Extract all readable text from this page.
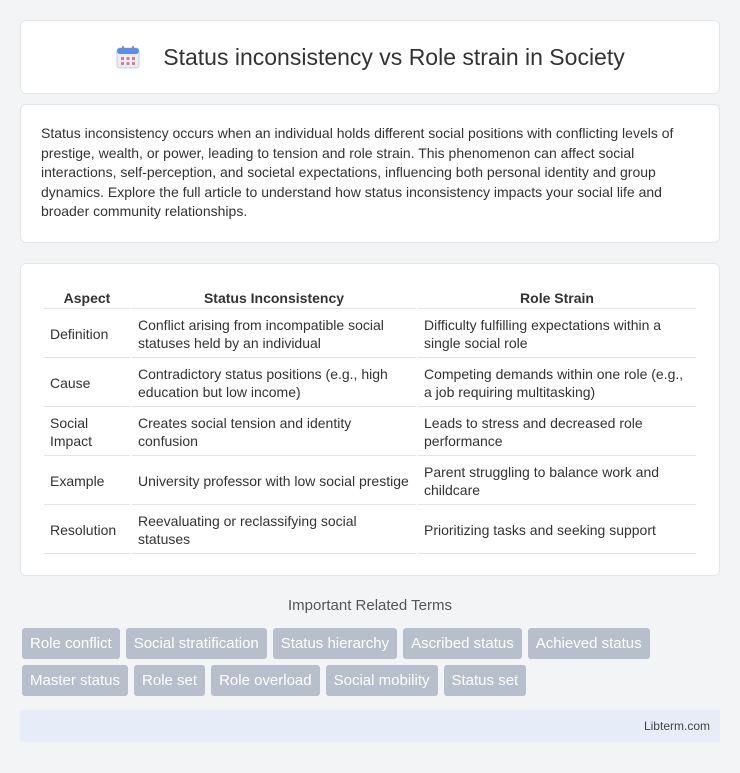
Status inconsistency vs Role strain in Society

Status inconsistency occurs when an individual holds different social positions with conflicting levels of prestige, wealth, or power, leading to tension and role strain. This phenomenon can affect social interactions, self-perception, and societal expectations, influencing both personal identity and group dynamics. Explore the full article to understand how status inconsistency impacts your social life and broader community relationships.

Aspect	Status Inconsistency	Role Strain
Definition	Conflict arising from incompatible social statuses held by an individual	Difficulty fulfilling expectations within a single social role
Cause	Contradictory status positions (e.g., high education but low income)	Competing demands within one role (e.g., a job requiring multitasking)
Social Impact	Creates social tension and identity confusion	Leads to stress and decreased role performance
Example	University professor with low social prestige	Parent struggling to balance work and childcare
Resolution	Reevaluating or reclassifying social statuses	Prioritizing tasks and seeking support
Important Related Terms
Role conflict	Social stratification	Status hierarchy	Ascribed status	Achieved status
Master status	Role set	Role overload	Social mobility	Status set
Libterm.com
